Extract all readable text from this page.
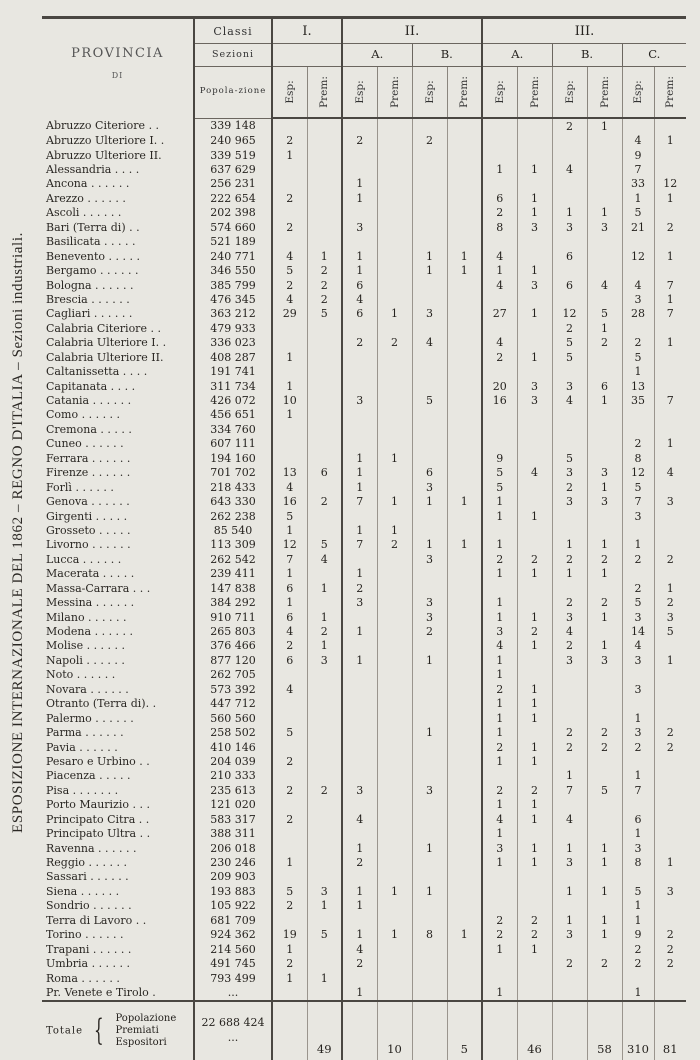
ESPOSIZIONE INTERNAZIONALE DEL 1862 – REGNO D'ITALIA – Sezioni industriali.
PROVINCIA
DI	Classi	I.		II.				III.					
	Sezioni			A.		B.		A.		B.		C.	
	Popola-zione	Esp:	Prem:	Esp:	Prem:	Esp:	Prem:	Esp:	Prem:	Esp:	Prem:	Esp:	Prem:

Abruzzo Citeriore . .	339 148									2	1		
Abruzzo Ulteriore I. .	240 965	2		2		2						4	1
Abruzzo Ulteriore II.	339 519	1										9	
Alessandria . . . .	637 629							1	1	4		7	
Ancona . . . . . .	256 231			1								33	12
Arezzo . . . . . .	222 654	2		1				6	1			1	1
Ascoli . . . . . .	202 398							2	1	1	1	5	
Bari (Terra di) . .	574 660	2		3				8	3	3	3	21	2
Basilicata . . . . .	521 189												
Benevento . . . . .	240 771	4	1	1		1	1	4		6		12	1
Bergamo . . . . . .	346 550	5	2	1		1	1	1	1				
Bologna . . . . . .	385 799	2	2	6				4	3	6	4	4	7
Brescia . . . . . .	476 345	4	2	4								3	1
Cagliari . . . . . .	363 212	29	5	6	1	3		27	1	12	5	28	7
Calabria Citeriore . .	479 933									2	1		
Calabria Ulteriore I. .	336 023			2	2	4		4		5	2	2	1
Calabria Ulteriore II.	408 287	1						2	1	5		5	
Caltanissetta . . . .	191 741											1	
Capitanata . . . .	311 734	1						20	3	3	6	13	
Catania . . . . . .	426 072	10		3		5		16	3	4	1	35	7
Como . . . . . .	456 651	1											
Cremona . . . . .	334 760												
Cuneo . . . . . .	607 111											2	1
Ferrara . . . . . .	194 160			1	1			9		5		8	
Firenze . . . . . .	701 702	13	6	1		6		5	4	3	3	12	4
Forlì . . . . . .	218 433	4		1		3		5		2	1	5	
Genova . . . . . .	643 330	16	2	7	1	1	1	1		3	3	7	3
Girgenti . . . . .	262 238	5						1	1			3	
Grosseto . . . . .	85 540	1		1	1								
Livorno . . . . . .	113 309	12	5	7	2	1	1	1		1	1	1	
Lucca . . . . . .	262 542	7	4			3		2	2	2	2	2	2
Macerata . . . . .	239 411	1		1				1	1	1	1		
Massa-Carrara . . .	147 838	6	1	2								2	1
Messina . . . . . .	384 292	1		3		3		1		2	2	5	2
Milano . . . . . .	910 711	6	1			3		1	1	3	1	3	3
Modena . . . . . .	265 803	4	2	1		2		3	2	4		14	5
Molise . . . . . .	376 466	2	1					4	1	2	1	4	
Napoli . . . . . .	877 120	6	3	1		1		1		3	3	3	1
Noto . . . . . .	262 705							1					
Novara . . . . . .	573 392	4						2	1			3	
Otranto (Terra di). .	447 712							1	1				
Palermo . . . . . .	560 560							1	1			1	
Parma . . . . . .	258 502	5				1		1		2	2	3	2
Pavia . . . . . .	410 146							2	1	2	2	2	2
Pesaro e Urbino . .	204 039	2						1	1				
Piacenza . . . . .	210 333									1		1	
Pisa . . . . . . .	235 613	2	2	3		3		2	2	7	5	7	
Porto Maurizio . . .	121 020							1	1				
Principato Citra . .	583 317	2		4				4	1	4		6	
Principato Ultra . .	388 311							1				1	
Ravenna . . . . . .	206 018			1		1		3	1	1	1	3	
Reggio . . . . . .	230 246	1		2				1	1	3	1	8	1
Sassari . . . . . .	209 903												
Siena . . . . . .	193 883	5	3	1	1	1				1	1	5	3
Sondrio . . . . . .	105 922	2	1	1								1	
Terra di Lavoro . .	681 709							2	2	1	1	1	
Torino . . . . . .	924 362	19	5	1	1	8	1	2	2	3	1	9	2
Trapani . . . . . .	214 560	1		4				1	1			2	2
Umbria . . . . . .	491 745	2		2						2	2	2	2
Roma . . . . . .	793 499	1	1										
Pr. Venete e Tirolo .	...			1				1				1	
Totale { Popolazione
Premiati
Espositori	22 688 424
...		49		10		5		46		58	310	81
